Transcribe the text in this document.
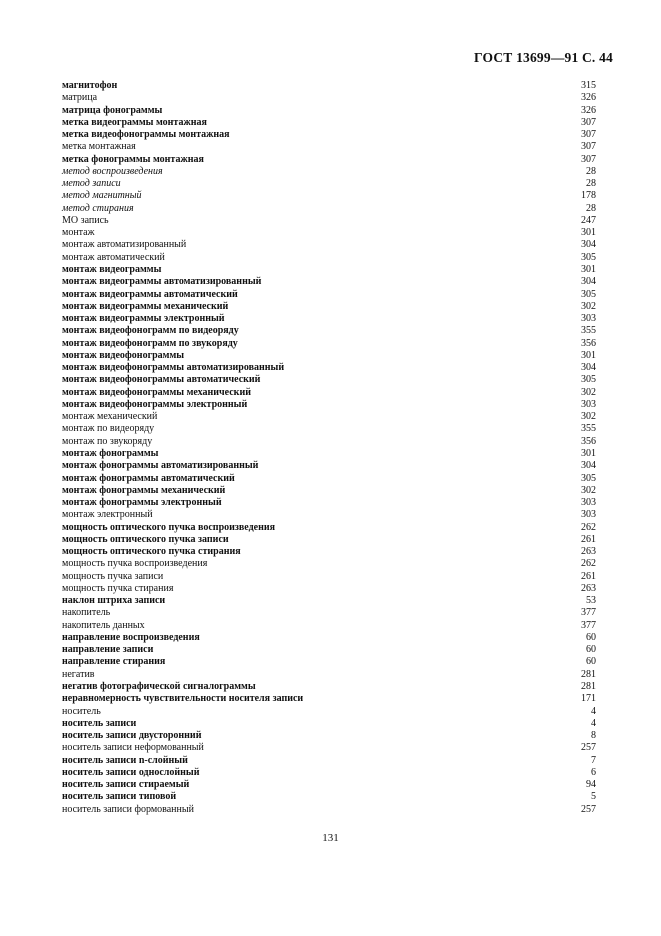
ГОСТ 13699—91 С. 44
магнитофон	315
матрица	326
матрица фонограммы	326
метка видеограммы монтажная	307
метка видеофонограммы монтажная	307
метка монтажная	307
метка фонограммы монтажная	307
метод воспроизведения	28
метод записи	28
метод магнитный	178
метод стирания	28
МО запись	247
монтаж	301
монтаж автоматизированный	304
монтаж автоматический	305
монтаж видеограммы	301
монтаж видеограммы автоматизированный	304
монтаж видеограммы автоматический	305
монтаж видеограммы механический	302
монтаж видеограммы электронный	303
монтаж видеофонограмм по видеоряду	355
монтаж видеофонограмм по звукоряду	356
монтаж видеофонограммы	301
монтаж видеофонограммы автоматизированный	304
монтаж видеофонограммы автоматический	305
монтаж видеофонограммы механический	302
монтаж видеофонограммы электронный	303
монтаж механический	302
монтаж по видеоряду	355
монтаж по звукоряду	356
монтаж фонограммы	301
монтаж фонограммы автоматизированный	304
монтаж фонограммы автоматический	305
монтаж фонограммы механический	302
монтаж фонограммы электронный	303
монтаж электронный	303
мощность оптического пучка воспроизведения	262
мощность оптического пучка записи	261
мощность оптического пучка стирания	263
мощность пучка воспроизведения	262
мощность пучка записи	261
мощность пучка стирания	263
наклон штриха записи	53
накопитель	377
накопитель данных	377
направление воспроизведения	60
направление записи	60
направление стирания	60
негатив	281
негатив фотографической сигналограммы	281
неравномерность чувствительности носителя записи	171
носитель	4
носитель записи	4
носитель записи двусторонний	8
носитель записи неформованный	257
носитель записи n-слойный	7
носитель записи однослойный	6
носитель записи стираемый	94
носитель записи типовой	5
носитель записи формованный	257
131
